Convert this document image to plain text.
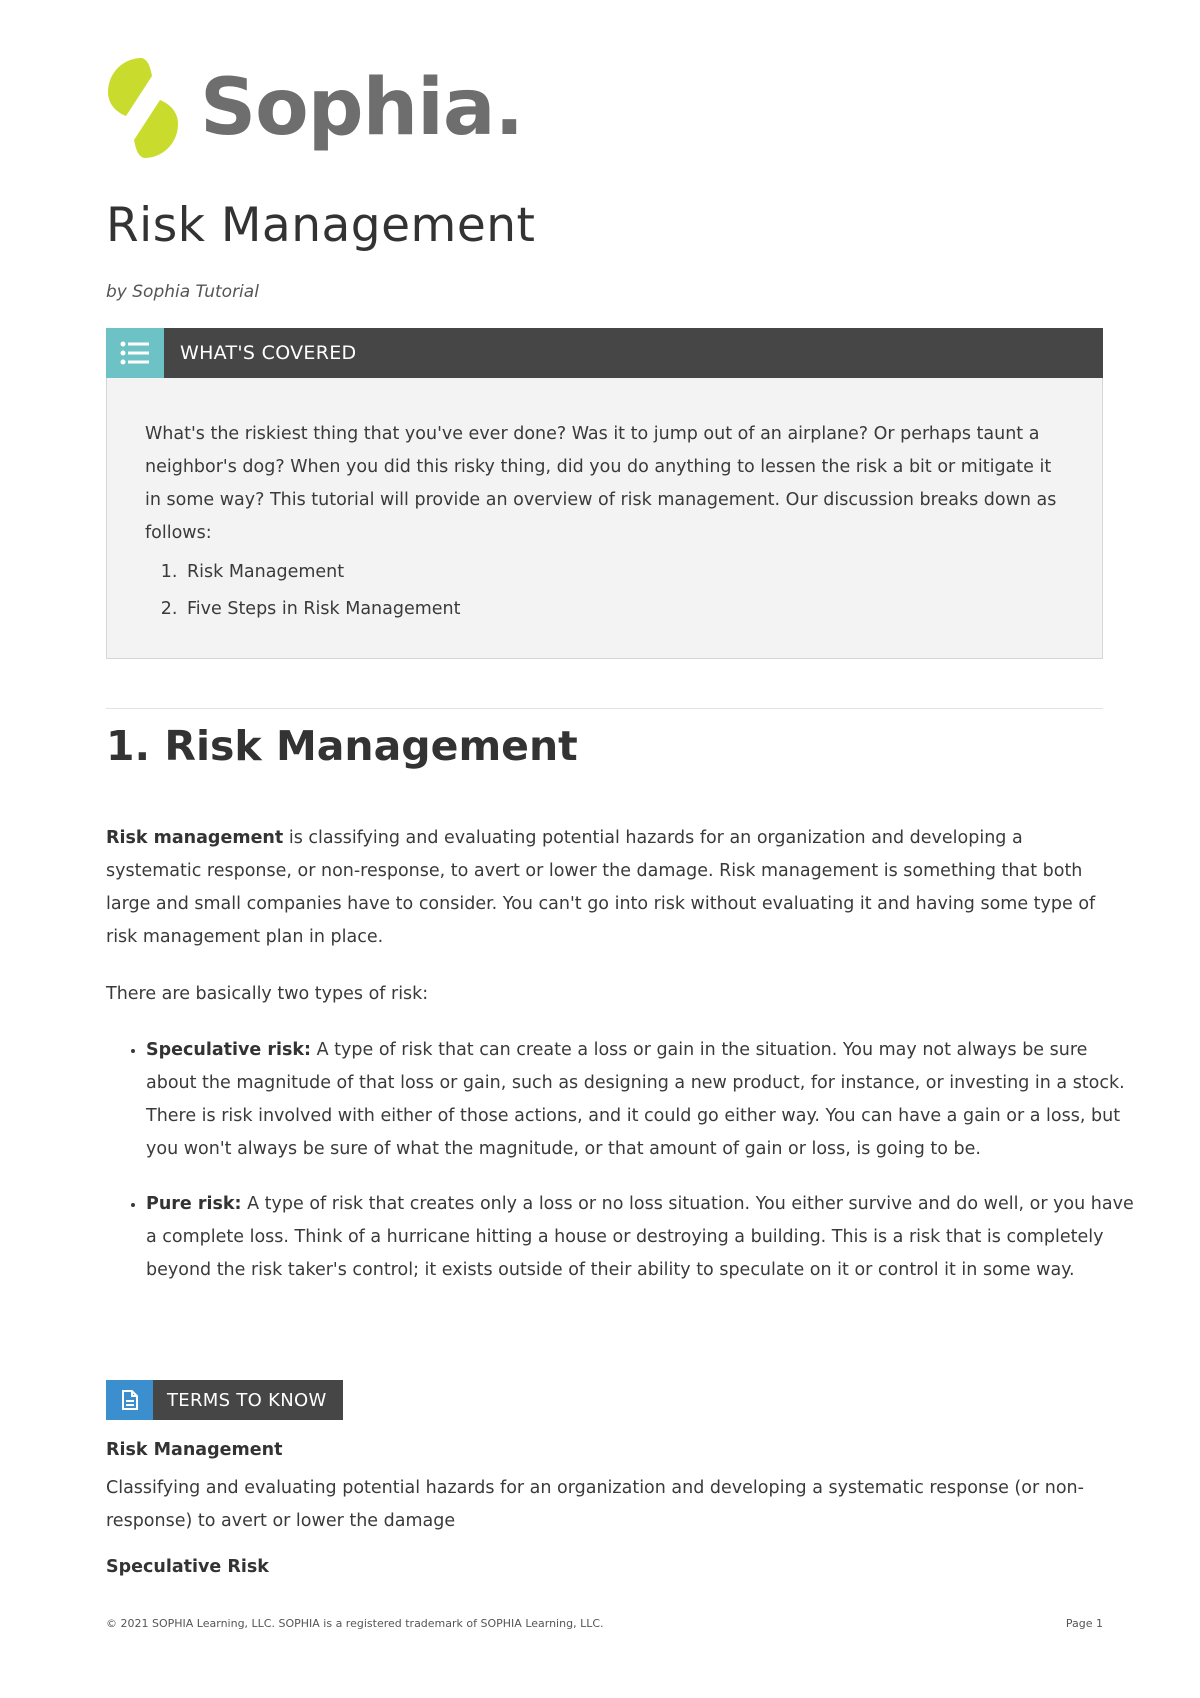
Sophia.
Risk Management

by Sophia Tutorial

WHAT'S COVERED

What's the riskiest thing that you've ever done? Was it to jump out of an airplane? Or perhaps taunt a neighbor's dog? When you did this risky thing, did you do anything to lessen the risk a bit or mitigate it in some way? This tutorial will provide an overview of risk management. Our discussion breaks down as follows:

1. Risk Management
2. Five Steps in Risk Management
1. Risk Management

Risk management is classifying and evaluating potential hazards for an organization and developing a systematic response, or non-response, to avert or lower the damage. Risk management is something that both large and small companies have to consider. You can't go into risk without evaluating it and having some type of risk management plan in place.

There are basically two types of risk:

• Speculative risk: A type of risk that can create a loss or gain in the situation. You may not always be sure about the magnitude of that loss or gain, such as designing a new product, for instance, or investing in a stock. There is risk involved with either of those actions, and it could go either way. You can have a gain or a loss, but you won't always be sure of what the magnitude, or that amount of gain or loss, is going to be.
• Pure risk: A type of risk that creates only a loss or no loss situation. You either survive and do well, or you have a complete loss. Think of a hurricane hitting a house or destroying a building. This is a risk that is completely beyond the risk taker's control; it exists outside of their ability to speculate on it or control it in some way.
TERMS TO KNOW

Risk Management

Classifying and evaluating potential hazards for an organization and developing a systematic response (or non-response) to avert or lower the damage

Speculative Risk

© 2021 SOPHIA Learning, LLC. SOPHIA is a registered trademark of SOPHIA Learning, LLC.	Page 1
